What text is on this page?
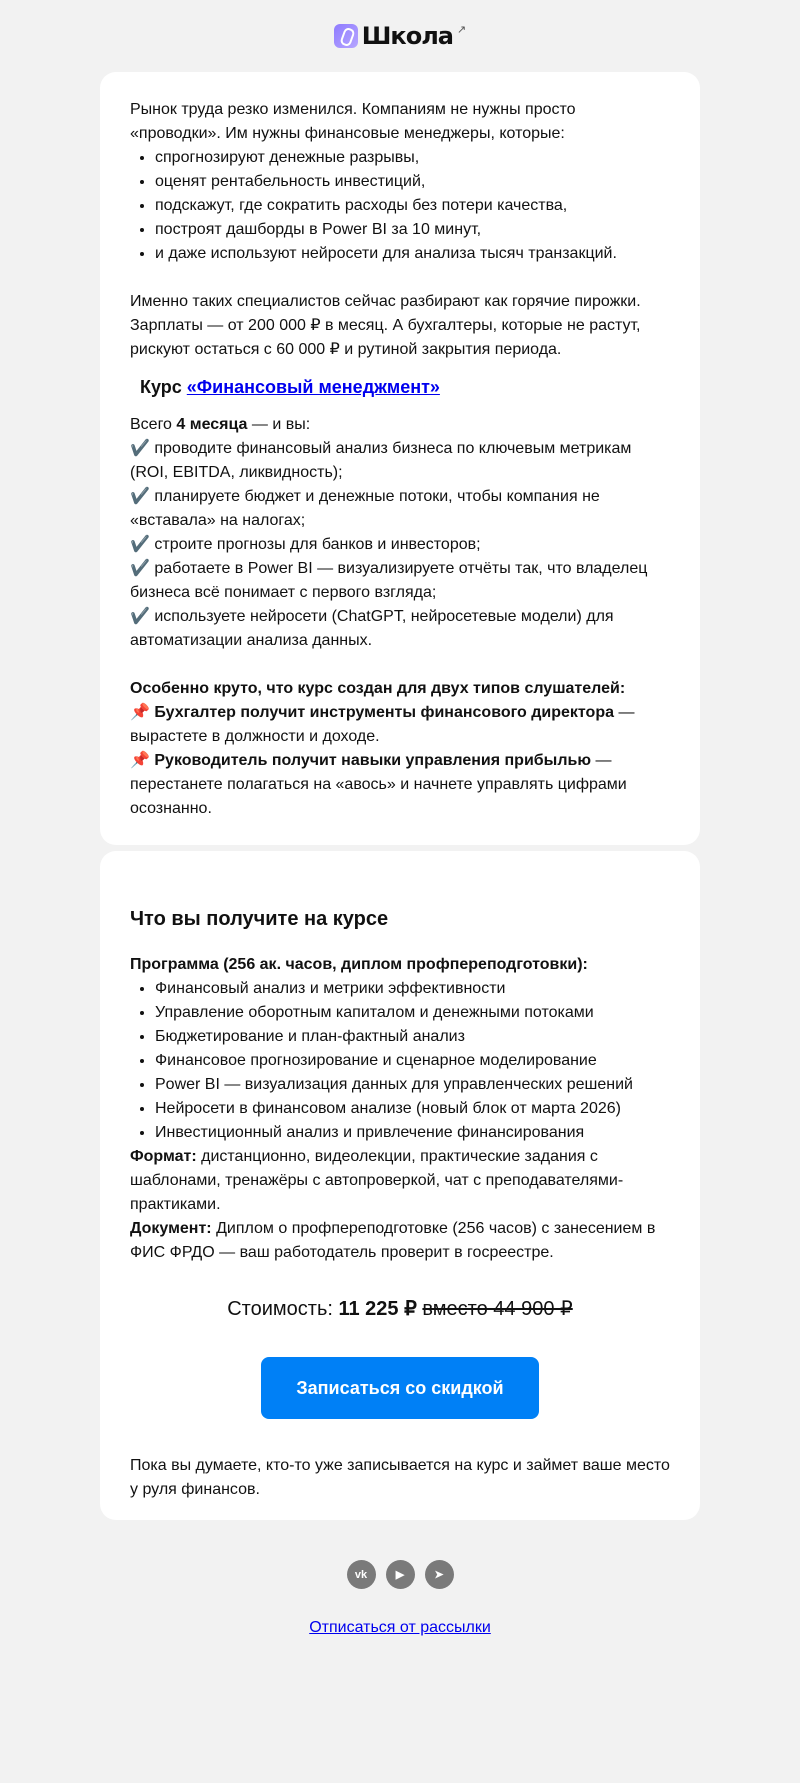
Школа ↗

Рынок труда резко изменился. Компаниям не нужны просто «проводки». Им нужны финансовые менеджеры, которые:

• спрогнозируют денежные разрывы,
• оценят рентабельность инвестиций,
• подскажут, где сократить расходы без потери качества,
• построят дашборды в Power BI за 10 минут,
• и даже используют нейросети для анализа тысяч транзакций.

Именно таких специалистов сейчас разбирают как горячие пирожки. Зарплаты — от 200 000 ₽ в месяц. А бухгалтеры, которые не растут, рискуют остаться с 60 000 ₽ и рутиной закрытия периода.

Курс «Финансовый менеджмент»

Всего 4 месяца — и вы:

✔️ проводите финансовый анализ бизнеса по ключевым метрикам (ROI, EBITDA, ликвидность);

✔️ планируете бюджет и денежные потоки, чтобы компания не «вставала» на налогах;

✔️ строите прогнозы для банков и инвесторов;

✔️ работаете в Power BI — визуализируете отчёты так, что владелец бизнеса всё понимает с первого взгляда;

✔️ используете нейросети (ChatGPT, нейросетевые модели) для автоматизации анализа данных.

Особенно круто, что курс создан для двух типов слушателей:

📌 Бухгалтер получит инструменты финансового директора — вырастете в должности и доходе.

📌 Руководитель получит навыки управления прибылью — перестанете полагаться на «авось» и начнете управлять цифрами осознанно.

Что вы получите на курсе

Программа (256 ак. часов, диплом профпереподготовки):

• Финансовый анализ и метрики эффективности
• Управление оборотным капиталом и денежными потоками
• Бюджетирование и план-фактный анализ
• Финансовое прогнозирование и сценарное моделирование
• Power BI — визуализация данных для управленческих решений
• Нейросети в финансовом анализе (новый блок от марта 2026)
• Инвестиционный анализ и привлечение финансирования

Формат: дистанционно, видеолекции, практические задания с шаблонами, тренажёры с автопроверкой, чат с преподавателями-практиками.

Документ: Диплом о профпереподготовке (256 часов) с занесением в ФИС ФРДО — ваш работодатель проверит в госреестре.

Стоимость: 11 225 ₽ вместо 44 900 ₽
Записаться со скидкой

Пока вы думаете, кто-то уже записывается на курс и займет ваше место у руля финансов.

vk	▶	➤
Отписаться от рассылки
